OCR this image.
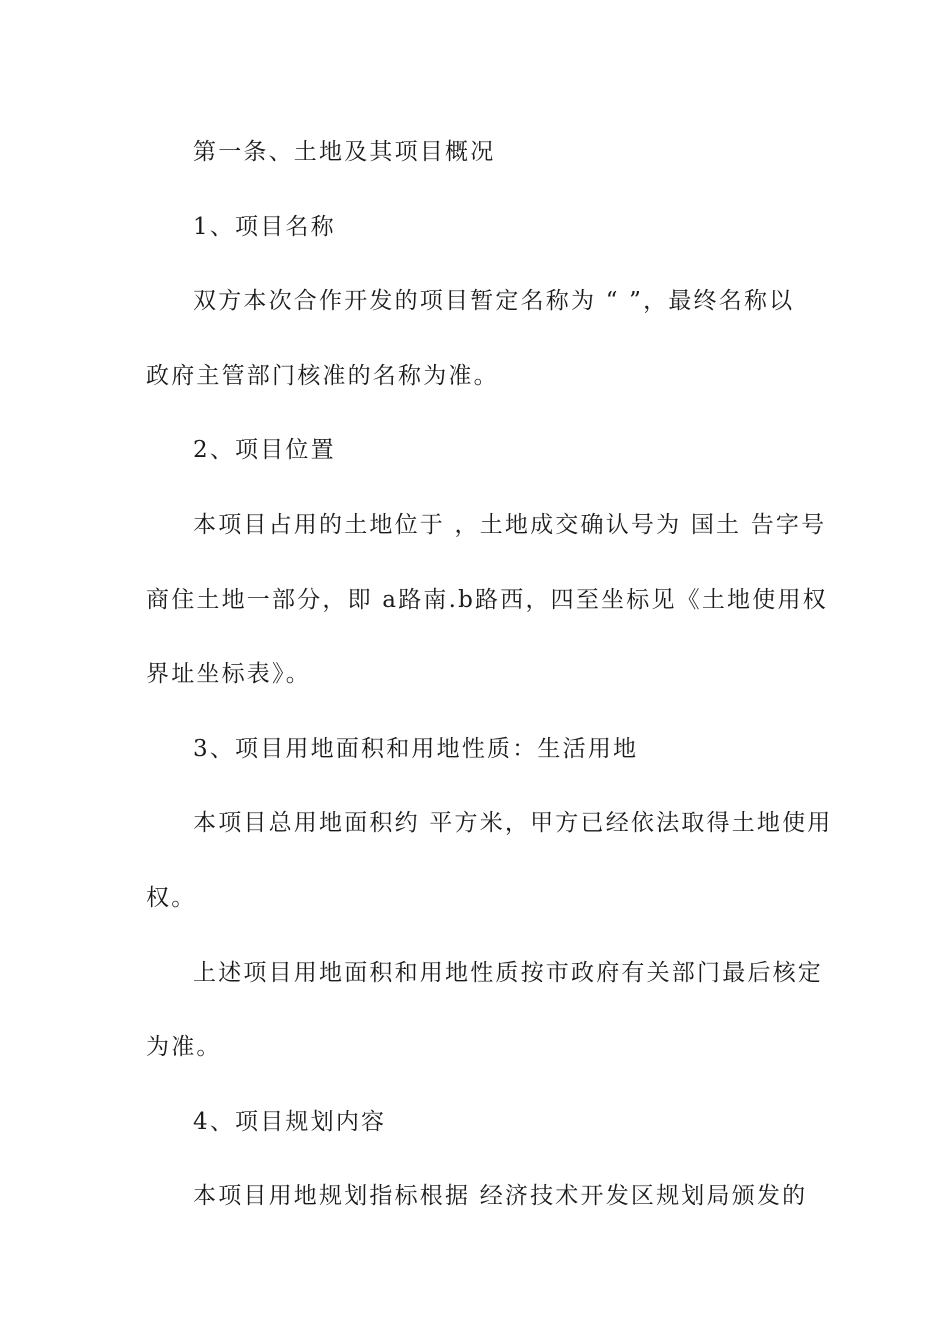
第一条、土地及其项目概况
1、项目名称
双方本次合作开发的项目暂定名称为 “ ”，最终名称以
政府主管部门核准的名称为准。
2、项目位置
本项目占用的土地位于 ，土地成交确认号为 国土 告字号
商住土地一部分，即 a路南.b路西，四至坐标见《土地使用权
界址坐标表》。
3、项目用地面积和用地性质：生活用地
本项目总用地面积约 平方米，甲方已经依法取得土地使用
权。
上述项目用地面积和用地性质按市政府有关部门最后核定
为准。
4、项目规划内容
本项目用地规划指标根据 经济技术开发区规划局颁发的
